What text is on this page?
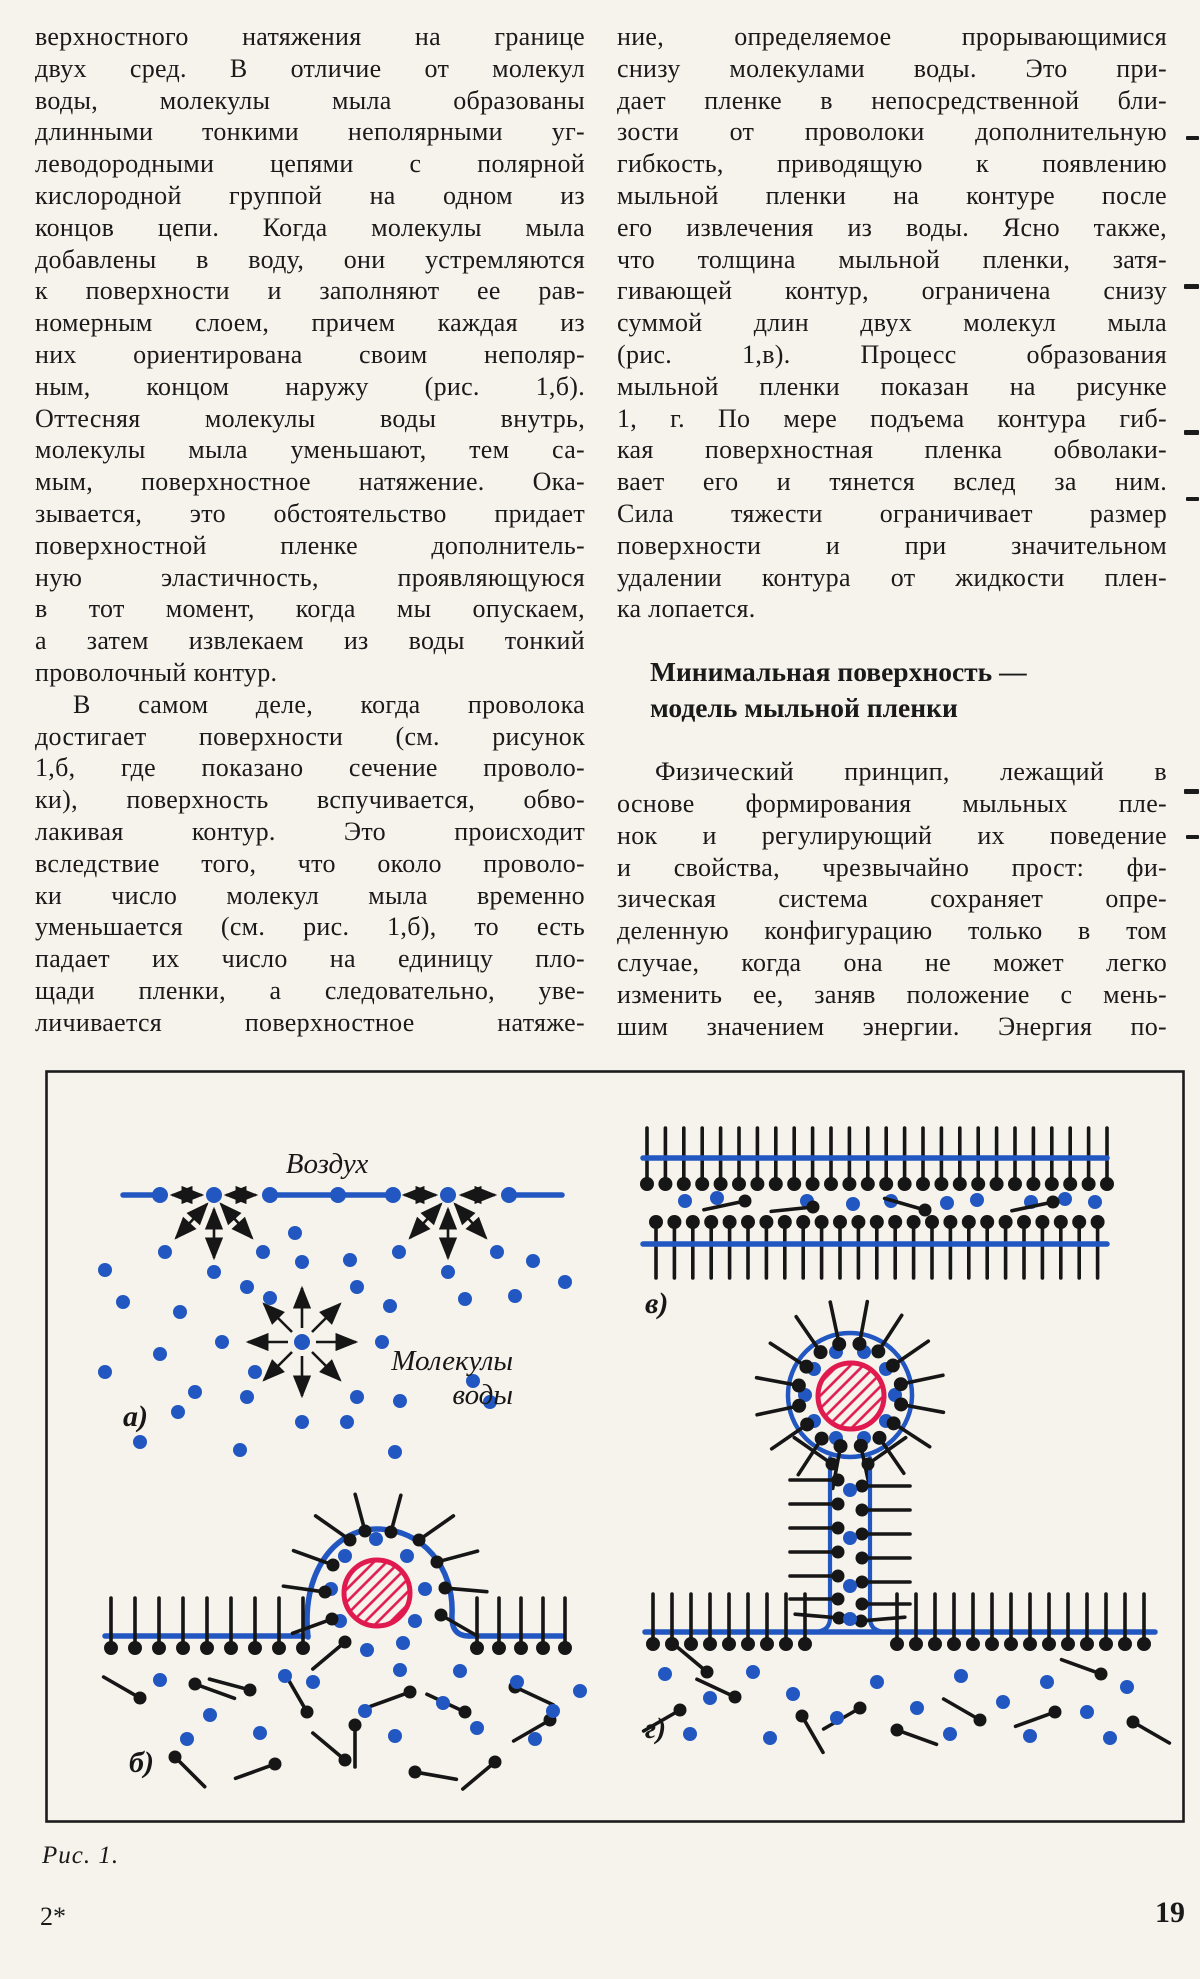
верхностного натяжения на границе
двух сред. В отличие от молекул
воды, молекулы мыла образованы
длинными тонкими неполярными уг-
леводородными цепями с полярной
кислородной группой на одном из
концов цепи. Когда молекулы мыла
добавлены в воду, они устремляются
к поверхности и заполняют ее рав-
номерным слоем, причем каждая из
них ориентирована своим неполяр-
ным, концом наружу (рис. 1,б).
Оттесняя молекулы воды внутрь,
молекулы мыла уменьшают, тем са-
мым, поверхностное натяжение. Ока-
зывается, это обстоятельство придает
поверхностной пленке дополнитель-
ную эластичность, проявляющуюся
в тот момент, когда мы опускаем,
а затем извлекаем из воды тонкий
проволочный контур.
В самом деле, когда проволока
достигает поверхности (см. рисунок
1,б, где показано сечение проволо-
ки), поверхность вспучивается, обво-
лакивая контур. Это происходит
вследствие того, что около проволо-
ки число молекул мыла временно
уменьшается (см. рис. 1,б), то есть
падает их число на единицу пло-
щади пленки, а следовательно, уве-
личивается поверхностное натяже-
ние, определяемое прорывающимися
снизу молекулами воды. Это при-
дает пленке в непосредственной бли-
зости от проволоки дополнительную
гибкость, приводящую к появлению
мыльной пленки на контуре после
его извлечения из воды. Ясно также,
что толщина мыльной пленки, затя-
гивающей контур, ограничена снизу
суммой длин двух молекул мыла
(рис. 1,в). Процесс образования
мыльной пленки показан на рисунке
1, г. По мере подъема контура гиб-
кая поверхностная пленка обволаки-
вает его и тянется вслед за ним.
Сила тяжести ограничивает размер
поверхности и при значительном
удалении контура от жидкости плен-
ка лопается.
Минимальная поверхность —
модель мыльной пленки
Физический принцип, лежащий в
основе формирования мыльных пле-
нок и регулирующий их поведение
и свойства, чрезвычайно прост: фи-
зическая система сохраняет опре-
деленную конфигурацию только в том
случае, когда она не может легко
изменить ее, заняв положение с мень-
шим значением энергии. Энергия по-
Воздух
Молекулы
воды
а)
в)
б)
г)
Рис. 1.
2*	19
